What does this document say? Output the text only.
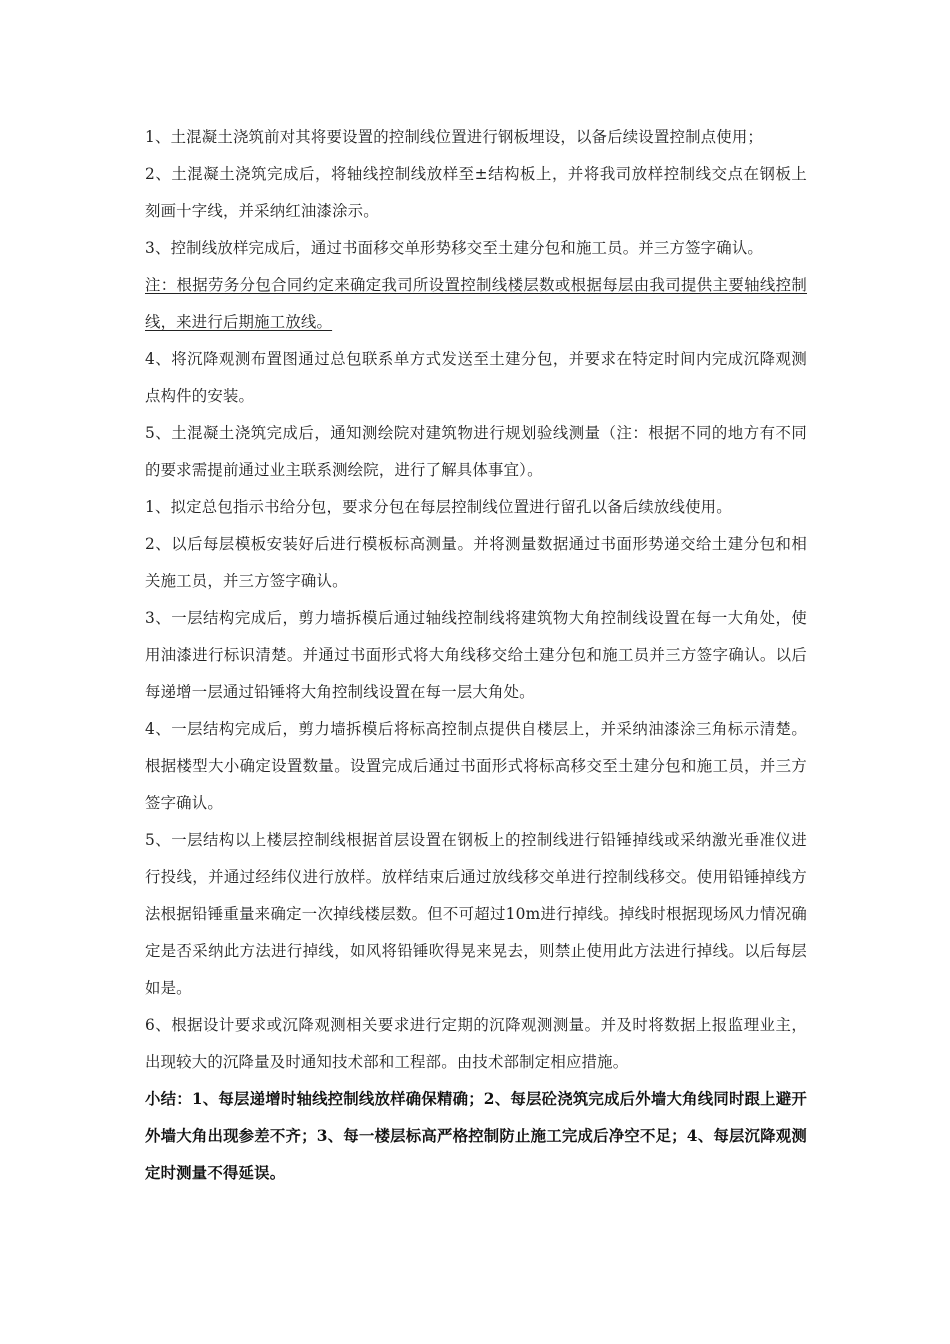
1、土混凝土浇筑前对其将要设置的控制线位置进行钢板埋设，以备后续设置控制点使用；

2、土混凝土浇筑完成后，将轴线控制线放样至±结构板上，并将我司放样控制线交点在钢板上刻画十字线，并采纳红油漆涂示。

3、控制线放样完成后，通过书面移交单形势移交至土建分包和施工员。并三方签字确认。

注：根据劳务分包合同约定来确定我司所设置控制线楼层数或根据每层由我司提供主要轴线控制线，来进行后期施工放线。

4、将沉降观测布置图通过总包联系单方式发送至土建分包，并要求在特定时间内完成沉降观测点构件的安装。

5、土混凝土浇筑完成后，通知测绘院对建筑物进行规划验线测量（注：根据不同的地方有不同的要求需提前通过业主联系测绘院，进行了解具体事宜）。

1、拟定总包指示书给分包，要求分包在每层控制线位置进行留孔以备后续放线使用。

2、以后每层模板安装好后进行模板标高测量。并将测量数据通过书面形势递交给土建分包和相关施工员，并三方签字确认。

3、一层结构完成后，剪力墙拆模后通过轴线控制线将建筑物大角控制线设置在每一大角处，使用油漆进行标识清楚。并通过书面形式将大角线移交给土建分包和施工员并三方签字确认。以后每递增一层通过铅锤将大角控制线设置在每一层大角处。

4、一层结构完成后，剪力墙拆模后将标高控制点提供自楼层上，并采纳油漆涂三角标示清楚。根据楼型大小确定设置数量。设置完成后通过书面形式将标高移交至土建分包和施工员，并三方签字确认。

5、一层结构以上楼层控制线根据首层设置在钢板上的控制线进行铅锤掉线或采纳激光垂准仪进行投线，并通过经纬仪进行放样。放样结束后通过放线移交单进行控制线移交。使用铅锤掉线方法根据铅锤重量来确定一次掉线楼层数。但不可超过10m进行掉线。掉线时根据现场风力情况确定是否采纳此方法进行掉线，如风将铅锤吹得晃来晃去，则禁止使用此方法进行掉线。以后每层如是。

6、根据设计要求或沉降观测相关要求进行定期的沉降观测测量。并及时将数据上报监理业主，出现较大的沉降量及时通知技术部和工程部。由技术部制定相应措施。

小结：1、每层递增时轴线控制线放样确保精确；2、每层砼浇筑完成后外墙大角线同时跟上避开外墙大角出现参差不齐；3、每一楼层标高严格控制防止施工完成后净空不足；4、每层沉降观测定时测量不得延误。
